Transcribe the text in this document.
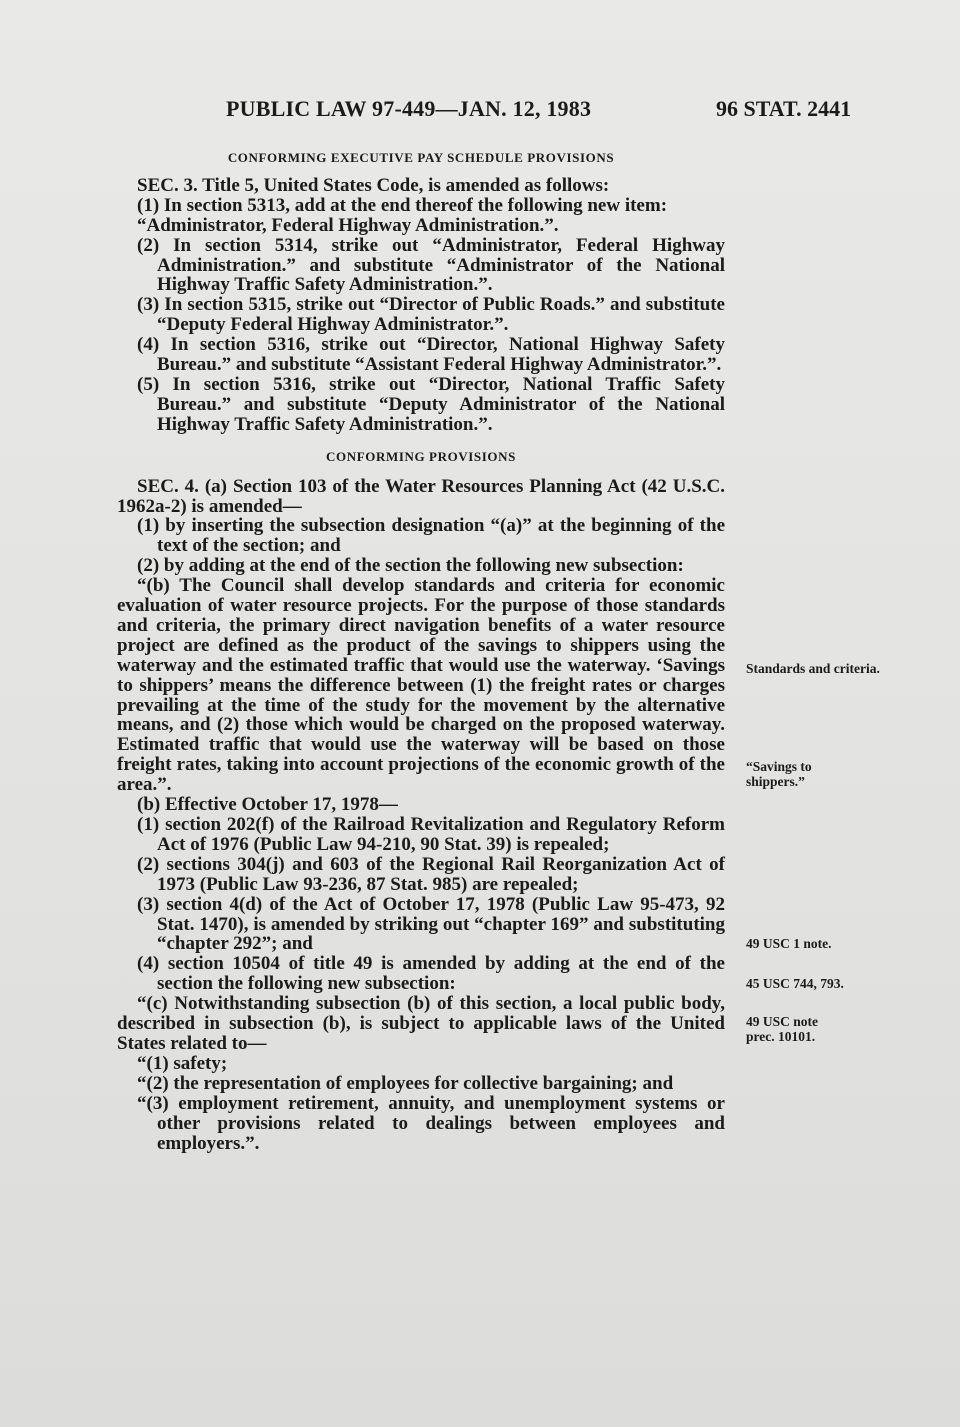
PUBLIC LAW 97-449—JAN. 12, 1983	96 STAT. 2441

CONFORMING EXECUTIVE PAY SCHEDULE PROVISIONS

SEC. 3. Title 5, United States Code, is amended as follows:

(1) In section 5313, add at the end thereof the following new item:

“Administrator, Federal Highway Administration.”.

(2) In section 5314, strike out “Administrator, Federal Highway Administration.” and substitute “Administrator of the National Highway Traffic Safety Administration.”.

(3) In section 5315, strike out “Director of Public Roads.” and substitute “Deputy Federal Highway Administrator.”.

(4) In section 5316, strike out “Director, National Highway Safety Bureau.” and substitute “Assistant Federal Highway Administrator.”.

(5) In section 5316, strike out “Director, National Traffic Safety Bureau.” and substitute “Deputy Administrator of the National Highway Traffic Safety Administration.”.

CONFORMING PROVISIONS

SEC. 4. (a) Section 103 of the Water Resources Planning Act (42 U.S.C. 1962a-2) is amended—

(1) by inserting the subsection designation “(a)” at the beginning of the text of the section; and

(2) by adding at the end of the section the following new subsection:

“(b) The Council shall develop standards and criteria for economic evaluation of water resource projects. For the purpose of those standards and criteria, the primary direct navigation benefits of a water resource project are defined as the product of the savings to shippers using the waterway and the estimated traffic that would use the waterway. ‘Savings to shippers’ means the difference between (1) the freight rates or charges prevailing at the time of the study for the movement by the alternative means, and (2) those which would be charged on the proposed waterway. Estimated traffic that would use the waterway will be based on those freight rates, taking into account projections of the economic growth of the area.”.

(b) Effective October 17, 1978—

(1) section 202(f) of the Railroad Revitalization and Regulatory Reform Act of 1976 (Public Law 94-210, 90 Stat. 39) is repealed;

(2) sections 304(j) and 603 of the Regional Rail Reorganization Act of 1973 (Public Law 93-236, 87 Stat. 985) are repealed;

(3) section 4(d) of the Act of October 17, 1978 (Public Law 95-473, 92 Stat. 1470), is amended by striking out “chapter 169” and substituting “chapter 292”; and

(4) section 10504 of title 49 is amended by adding at the end of the section the following new subsection:

“(c) Notwithstanding subsection (b) of this section, a local public body, described in subsection (b), is subject to applicable laws of the United States related to—

“(1) safety;

“(2) the representation of employees for collective bargaining; and

“(3) employment retirement, annuity, and unemployment systems or other provisions related to dealings between employees and employers.”.

Standards and criteria.
“Savings to shippers.”
49 USC 1 note.
45 USC 744, 793.
49 USC note prec. 10101.
